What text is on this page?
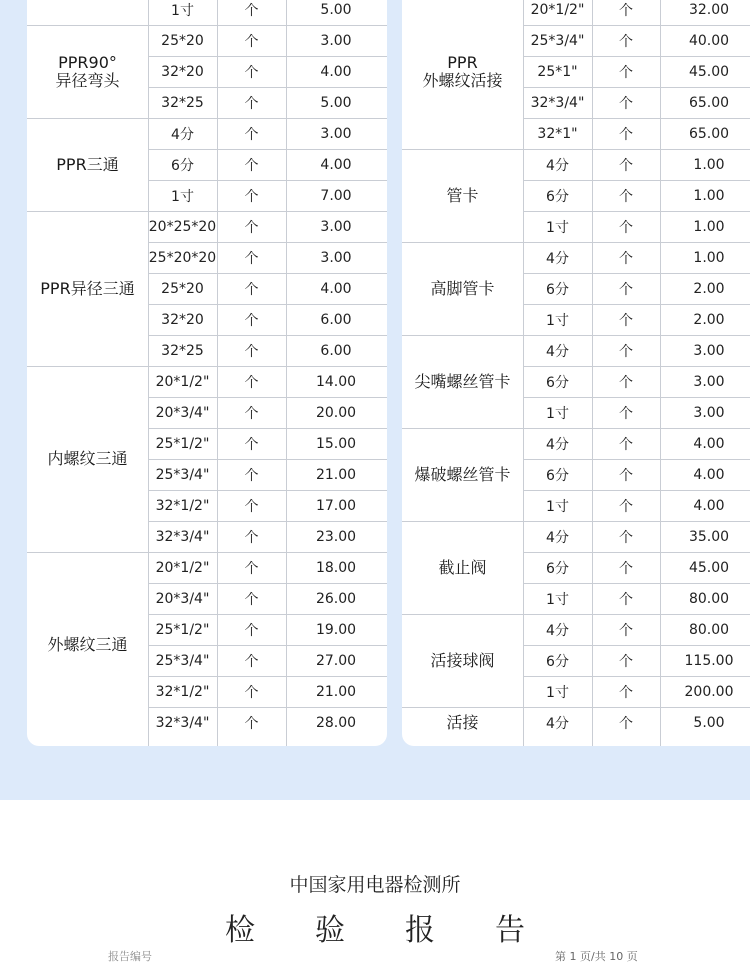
1寸	个	5.00
PPR90°
异径弯头
25*20	个	3.00
32*20	个	4.00
32*25	个	5.00
PPR三通
4分	个	3.00
6分	个	4.00
1寸	个	7.00
PPR异径三通
20*25*20	个	3.00
25*20*20	个	3.00
25*20	个	4.00
32*20	个	6.00
32*25	个	6.00
内螺纹三通
20*1/2"	个	14.00
20*3/4"	个	20.00
25*1/2"	个	15.00
25*3/4"	个	21.00
32*1/2"	个	17.00
32*3/4"	个	23.00
外螺纹三通
20*1/2"	个	18.00
20*3/4"	个	26.00
25*1/2"	个	19.00
25*3/4"	个	27.00
32*1/2"	个	21.00
32*3/4"	个	28.00
PPR
外螺纹活接
20*1/2"	个	32.00
25*3/4"	个	40.00
25*1"	个	45.00
32*3/4"	个	65.00
32*1"	个	65.00
管卡
4分	个	1.00
6分	个	1.00
1寸	个	1.00
高脚管卡
4分	个	1.00
6分	个	2.00
1寸	个	2.00
尖嘴螺丝管卡
4分	个	3.00
6分	个	3.00
1寸	个	3.00
爆破螺丝管卡
4分	个	4.00
6分	个	4.00
1寸	个	4.00
截止阀
4分	个	35.00
6分	个	45.00
1寸	个	80.00
活接球阀
4分	个	80.00
6分	个	115.00
1寸	个	200.00
活接	4分	个	5.00
中国家用电器检测所
检验报告
报告编号	第 1 页/共 10 页
